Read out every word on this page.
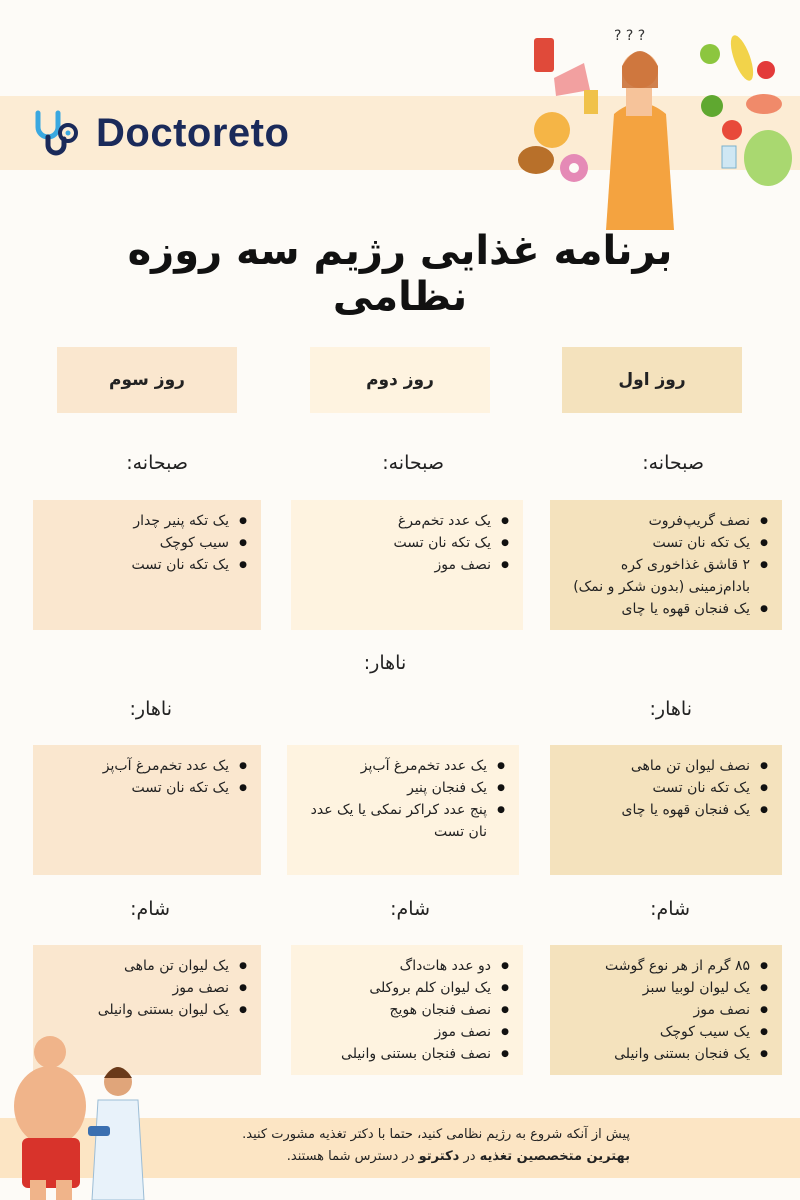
Doctoreto
? ? ?
برنامه غذایی رژیم سه روزه نظامی
روز اول
روز دوم
روز سوم
صبحانه:
صبحانه:
صبحانه:
● نصف گریپ‌فروت
● یک تکه نان تست
● ۲ قاشق غذاخوری کره بادام‌زمینی (بدون شکر و نمک)
● یک فنجان قهوه یا چای
● یک عدد تخم‌مرغ
● یک تکه نان تست
● نصف موز
● یک تکه پنیر چدار
● سیب کوچک
● یک تکه نان تست
ناهار:
ناهار:
ناهار:
● نصف لیوان تن ماهی
● یک تکه نان تست
● یک فنجان قهوه یا چای
● یک عدد تخم‌مرغ آب‌پز
● یک فنجان پنیر
● پنج عدد کراکر نمکی یا یک عدد نان تست
● یک عدد تخم‌مرغ آب‌پز
● یک تکه نان تست
شام:
شام:
شام:
● ۸۵ گرم از هر نوع گوشت
● یک لیوان لوبیا سبز
● نصف موز
● یک سیب کوچک
● یک فنجان بستنی وانیلی
● دو عدد هات‌داگ
● یک لیوان کلم بروکلی
● نصف فنجان هویج
● نصف موز
● نصف فنجان بستنی وانیلی
● یک لیوان تن ماهی
● نصف موز
● یک لیوان بستنی وانیلی
پیش از آنکه شروع به رژیم نظامی کنید، حتما با دکتر تغذیه مشورت کنید.
بهترین متخصصین تغذیه در دکترتو در دسترس شما هستند.
